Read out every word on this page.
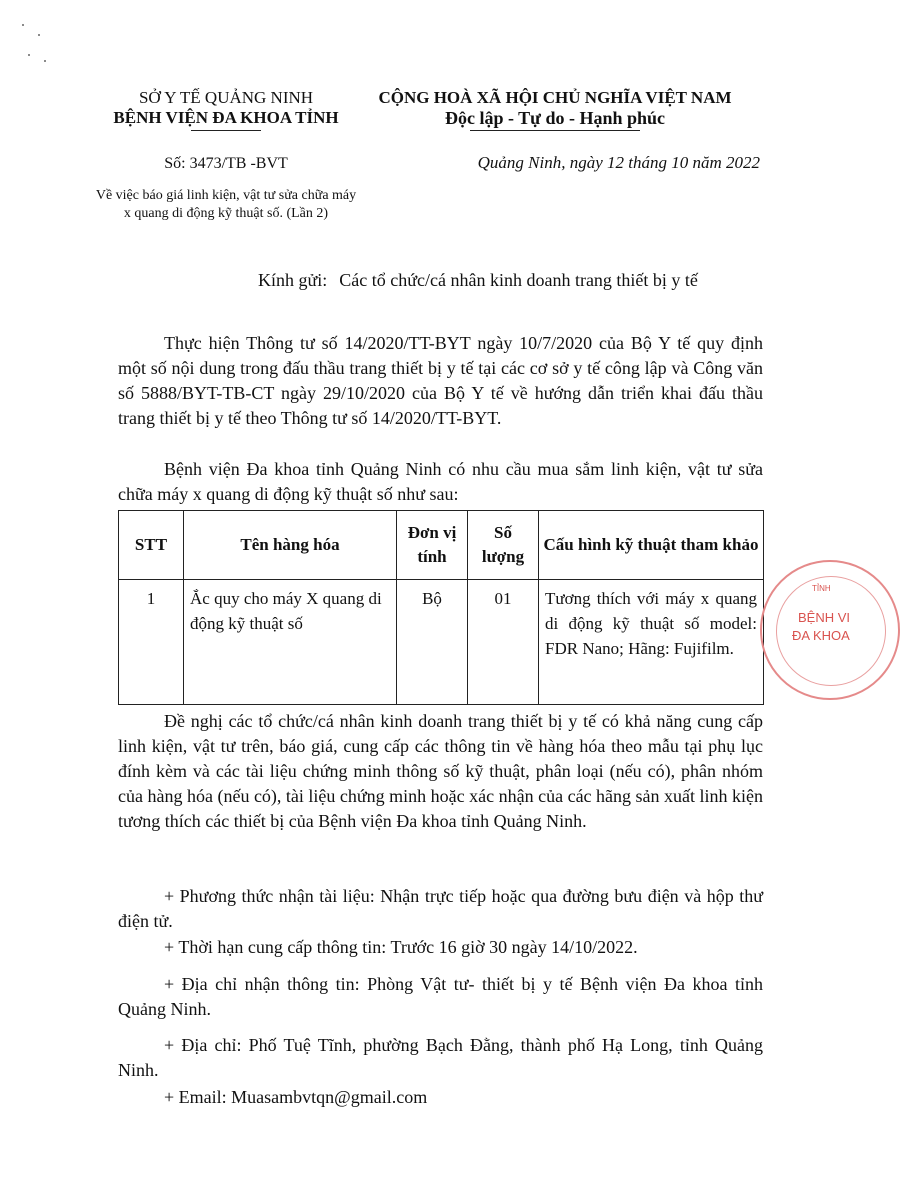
SỞ Y TẾ QUẢNG NINH
BỆNH VIỆN ĐA KHOA TỈNH
CỘNG HOÀ XÃ HỘI CHỦ NGHĨA VIỆT NAM
Độc lập - Tự do - Hạnh phúc
Số: 3473/TB -BVT
Về việc báo giá linh kiện, vật tư sửa chữa máy
x quang di động kỹ thuật số. (Lần 2)
Quảng Ninh, ngày 12 tháng 10 năm 2022
Kính gửi: Các tổ chức/cá nhân kinh doanh trang thiết bị y tế
Thực hiện Thông tư số 14/2020/TT-BYT ngày 10/7/2020 của Bộ Y tế quy định một số nội dung trong đấu thầu trang thiết bị y tế tại các cơ sở y tế công lập và Công văn số 5888/BYT-TB-CT ngày 29/10/2020 của Bộ Y tế về hướng dẫn triển khai đấu thầu trang thiết bị y tế theo Thông tư số 14/2020/TT-BYT.
Bệnh viện Đa khoa tỉnh Quảng Ninh có nhu cầu mua sắm linh kiện, vật tư sửa chữa máy x quang di động kỹ thuật số như sau:
STT	Tên hàng hóa	Đơn vị tính	Số lượng	Cấu hình kỹ thuật tham khảo
1	Ắc quy cho máy X quang di động kỹ thuật số	Bộ	01	Tương thích với máy x quang di động kỹ thuật số model: FDR Nano; Hãng: Fujifilm.
TỈNH
BỆNH VI
ĐA KHOA
Đề nghị các tổ chức/cá nhân kinh doanh trang thiết bị y tế có khả năng cung cấp linh kiện, vật tư trên, báo giá, cung cấp các thông tin về hàng hóa theo mẫu tại phụ lục đính kèm và các tài liệu chứng minh thông số kỹ thuật, phân loại (nếu có), phân nhóm của hàng hóa (nếu có), tài liệu chứng minh hoặc xác nhận của các hãng sản xuất linh kiện tương thích các thiết bị của Bệnh viện Đa khoa tỉnh Quảng Ninh.
+ Phương thức nhận tài liệu: Nhận trực tiếp hoặc qua đường bưu điện và hộp thư điện tử.
+ Thời hạn cung cấp thông tin: Trước 16 giờ 30 ngày 14/10/2022.
+ Địa chỉ nhận thông tin: Phòng Vật tư- thiết bị y tế Bệnh viện Đa khoa tỉnh Quảng Ninh.
+ Địa chỉ: Phố Tuệ Tĩnh, phường Bạch Đằng, thành phố Hạ Long, tỉnh Quảng Ninh.
+ Email: Muasambvtqn@gmail.com
